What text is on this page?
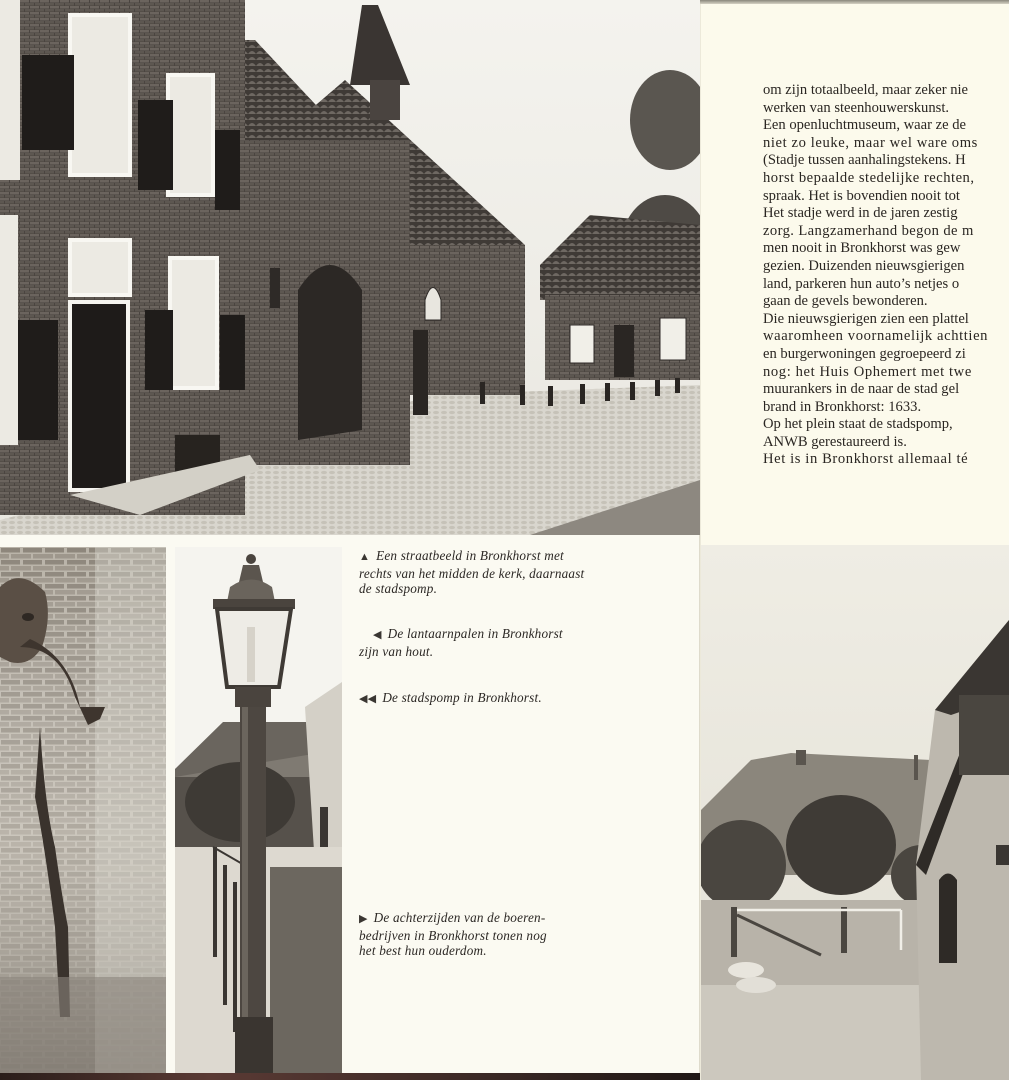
om zijn totaalbeeld, maar zeker nie

werken van steenhouwerskunst.

Een openluchtmuseum, waar ze de

niet zo leuke, maar wel ware oms

(Stadje tussen aanhalingstekens. H

horst bepaalde stedelijke rechten,

spraak. Het is bovendien nooit tot

Het stadje werd in de jaren zestig

zorg. Langzamerhand begon de m

men nooit in Bronkhorst was gew

gezien. Duizenden nieuwsgierigen

land, parkeren hun auto’s netjes o

gaan de gevels bewonderen.

Die nieuwsgierigen zien een plattel

waaromheen voornamelijk achttien

en burgerwoningen gegroepeerd zi

nog: het Huis Ophemert met twe

muurankers in de naar de stad gel

brand in Bronkhorst: 1633.

Op het plein staat de stadspomp,

ANWB gerestaureerd is.

Het is in Bronkhorst allemaal té

▲ Een straatbeeld in Bronkhorst met
rechts van het midden de kerk, daarnaast
de stadspomp.
◀ De lantaarnpalen in Bronkhorst
zijn van hout.
◀◀ De stadspomp in Bronkhorst.
▶ De achterzijden van de boeren-
bedrijven in Bronkhorst tonen nog
het best hun ouderdom.
